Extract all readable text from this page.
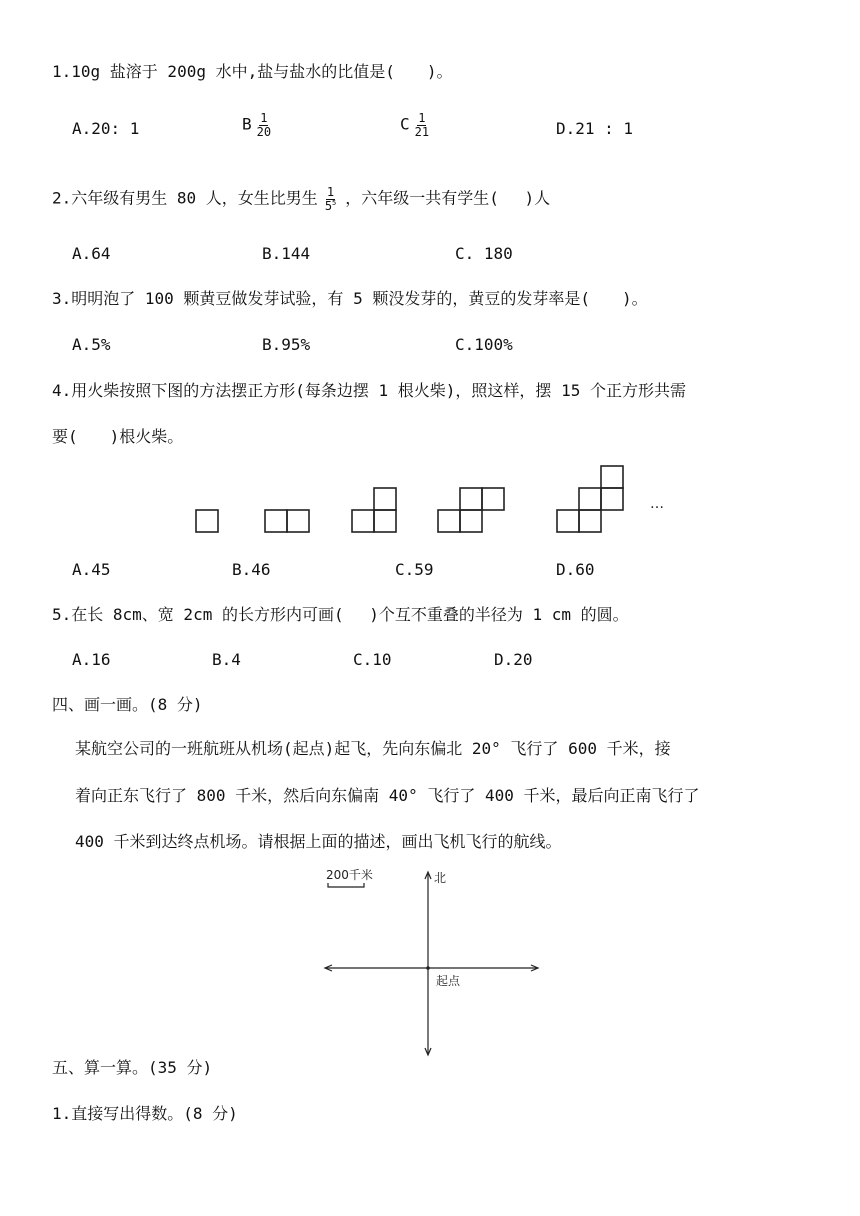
1.10g 盐溶于 200g 水中,盐与盐水的比值是(　　)。
A.20: 1	B $\frac{1}{20}$	C $\frac{1}{21}$	D.21 : 1
2.六年级有男生 80 人，女生比男生 $\frac{1}{5^5}$ ，六年级一共有学生(　 )人
A.64	B.144	C. 180
3.明明泡了 100 颗黄豆做发芽试验，有 5 颗没发芽的，黄豆的发芽率是(　　)。
A.5%	B.95%	C.100%
4.用火柴按照下图的方法摆正方形(每条边摆 1 根火柴)，照这样，摆 15 个正方形共需
要(　　)根火柴。
…
A.45	B.46	C.59	D.60
5.在长 8cm、宽 2cm 的长方形内可画(　 )个互不重叠的半径为 1 cm 的圆。
A.16	B.4	C.10	D.20
四、画一画。(8 分)
某航空公司的一班航班从机场(起点)起飞，先向东偏北 20° 飞行了 600 千米，接
着向正东飞行了 800 千米，然后向东偏南 40° 飞行了 400 千米，最后向正南飞行了
400 千米到达终点机场。请根据上面的描述，画出飞机飞行的航线。
200千米	北
起点
五、算一算。(35 分)
1.直接写出得数。(8 分)
